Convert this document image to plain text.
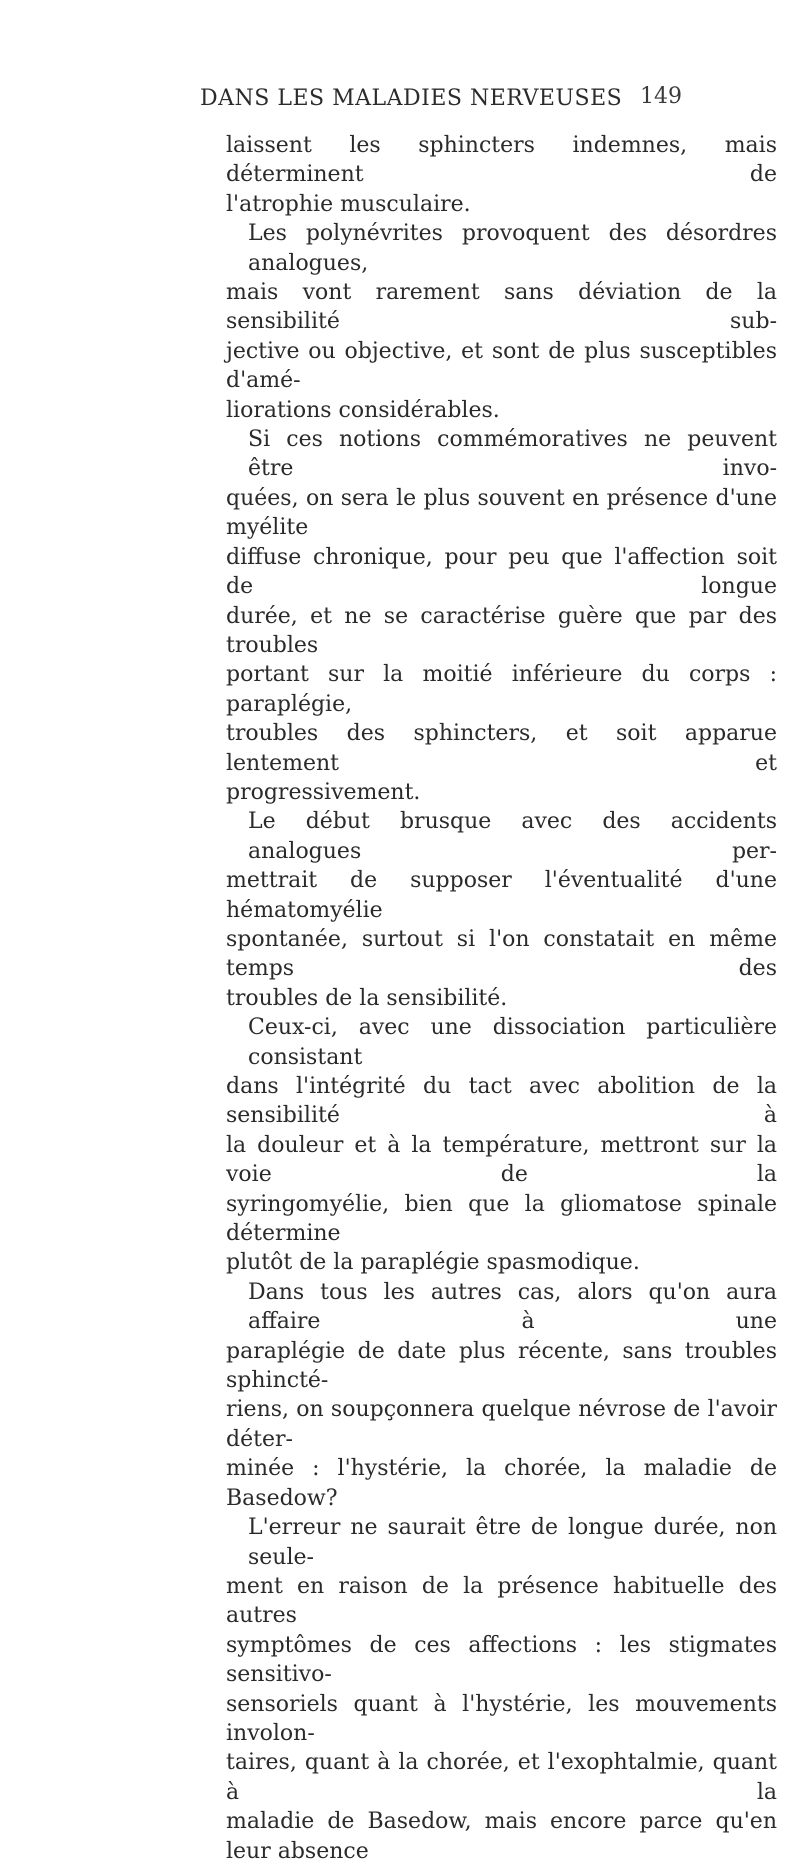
DANS LES MALADIES NERVEUSES 149

laissent les sphincters indemnes, mais déterminent de

l'atrophie musculaire.

Les polynévrites provoquent des désordres analogues,

mais vont rarement sans déviation de la sensibilité sub-

jective ou objective, et sont de plus susceptibles d'amé-

liorations considérables.

Si ces notions commémoratives ne peuvent être invo-

quées, on sera le plus souvent en présence d'une myélite

diffuse chronique, pour peu que l'affection soit de longue

durée, et ne se caractérise guère que par des troubles

portant sur la moitié inférieure du corps : paraplégie,

troubles des sphincters, et soit apparue lentement et

progressivement.

Le début brusque avec des accidents analogues per-

mettrait de supposer l'éventualité d'une hématomyélie

spontanée, surtout si l'on constatait en même temps des

troubles de la sensibilité.

Ceux-ci, avec une dissociation particulière consistant

dans l'intégrité du tact avec abolition de la sensibilité à

la douleur et à la température, mettront sur la voie de la

syringomyélie, bien que la gliomatose spinale détermine

plutôt de la paraplégie spasmodique.

Dans tous les autres cas, alors qu'on aura affaire à une

paraplégie de date plus récente, sans troubles sphincté-

riens, on soupçonnera quelque névrose de l'avoir déter-

minée : l'hystérie, la chorée, la maladie de Basedow?

L'erreur ne saurait être de longue durée, non seule-

ment en raison de la présence habituelle des autres

symptômes de ces affections : les stigmates sensitivo-

sensoriels quant à l'hystérie, les mouvements involon-

taires, quant à la chorée, et l'exophtalmie, quant à la

maladie de Basedow, mais encore parce qu'en leur absence
